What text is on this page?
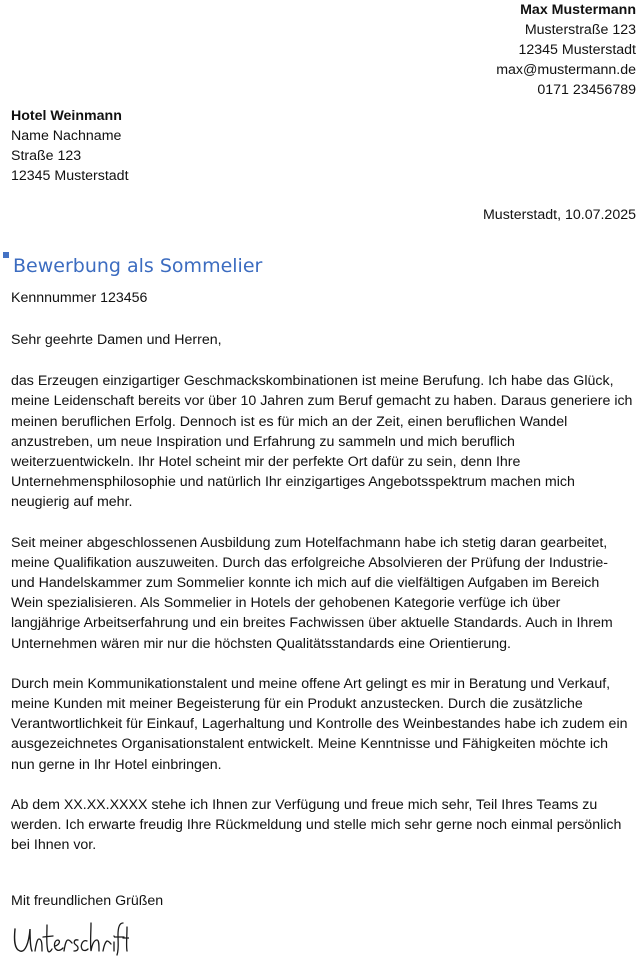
Max Mustermann
Musterstraße 123
12345 Musterstadt
max@mustermann.de
0171 23456789
Hotel Weinmann
Name Nachname
Straße 123
12345 Musterstadt
Musterstadt, 10.07.2025
Bewerbung als Sommelier
Kennnummer 123456

Sehr geehrte Damen und Herren,

das Erzeugen einzigartiger Geschmackskombinationen ist meine Berufung. Ich habe das Glück, meine Leidenschaft bereits vor über 10 Jahren zum Beruf gemacht zu haben. Daraus generiere ich meinen beruflichen Erfolg. Dennoch ist es für mich an der Zeit, einen beruflichen Wandel anzustreben, um neue Inspiration und Erfahrung zu sammeln und mich beruflich weiterzuentwickeln. Ihr Hotel scheint mir der perfekte Ort dafür zu sein, denn Ihre Unternehmensphilosophie und natürlich Ihr einzigartiges Angebotsspektrum machen mich neugierig auf mehr.

Seit meiner abgeschlossenen Ausbildung zum Hotelfachmann habe ich stetig daran gearbeitet, meine Qualifikation auszuweiten. Durch das erfolgreiche Absolvieren der Prüfung der Industrie- und Handelskammer zum Sommelier konnte ich mich auf die vielfältigen Aufgaben im Bereich Wein spezialisieren. Als Sommelier in Hotels der gehobenen Kategorie verfüge ich über langjährige Arbeitserfahrung und ein breites Fachwissen über aktuelle Standards. Auch in Ihrem Unternehmen wären mir nur die höchsten Qualitätsstandards eine Orientierung.

Durch mein Kommunikationstalent und meine offene Art gelingt es mir in Beratung und Verkauf, meine Kunden mit meiner Begeisterung für ein Produkt anzustecken. Durch die zusätzliche Verantwortlichkeit für Einkauf, Lagerhaltung und Kontrolle des Weinbestandes habe ich zudem ein ausgezeichnetes Organisationstalent entwickelt. Meine Kenntnisse und Fähigkeiten möchte ich nun gerne in Ihr Hotel einbringen.

Ab dem XX.XX.XXXX stehe ich Ihnen zur Verfügung und freue mich sehr, Teil Ihres Teams zu werden. Ich erwarte freudig Ihre Rückmeldung und stelle mich sehr gerne noch einmal persönlich bei Ihnen vor.

Mit freundlichen Grüßen
